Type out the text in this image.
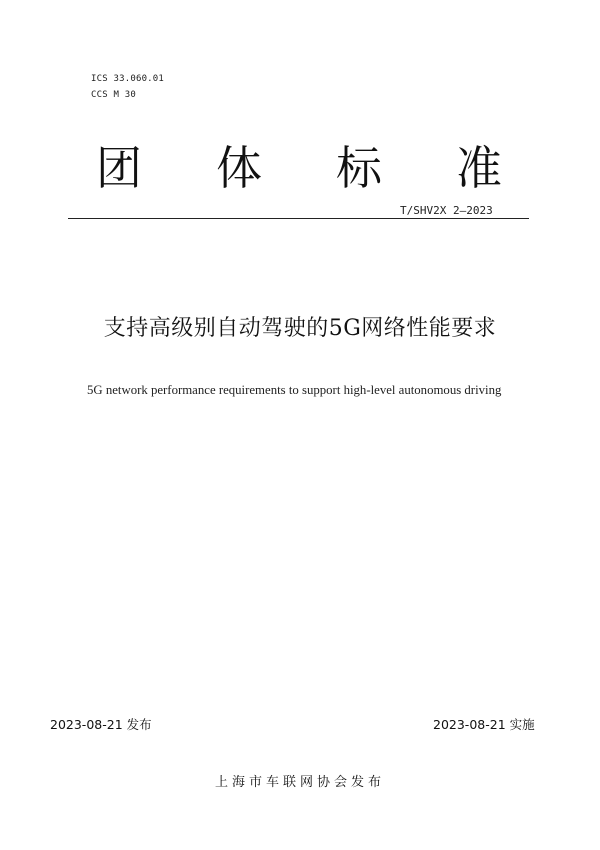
ICS 33.060.01
CCS M 30
团 体 标 准
T/SHV2X 2—2023
支持高级别自动驾驶的5G网络性能要求
5G network performance requirements to support high-level autonomous driving
2023-08-21 发布	2023-08-21 实施
上海市车联网协会发布
